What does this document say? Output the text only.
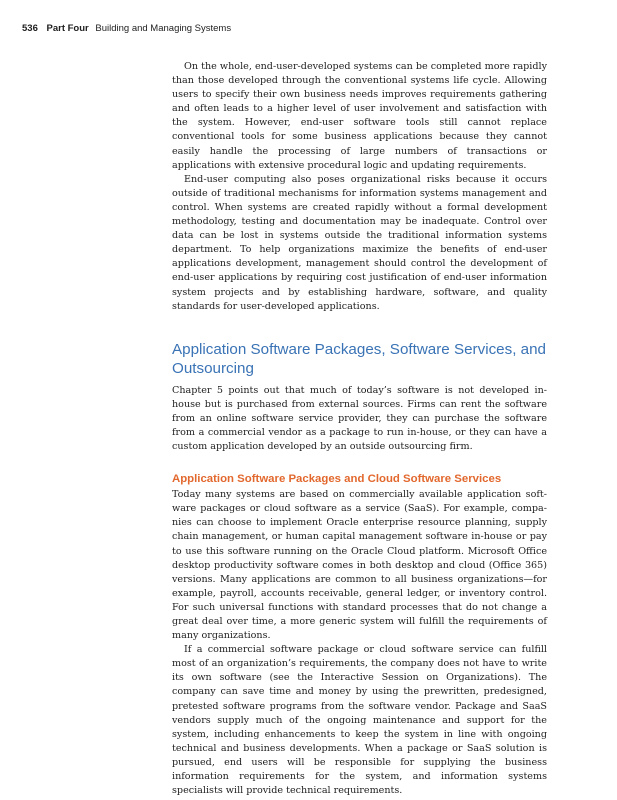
536 Part Four Building and Managing Systems

On the whole, end-user-developed systems can be completed more rapidly than those developed through the conventional systems life cycle. Allowing users to specify their own business needs improves requirements gathering and often leads to a higher level of user involvement and satisfaction with the system. However, end-user software tools still cannot replace conventional tools for some business applications because they cannot easily handle the processing of large numbers of transactions or applications with extensive procedural logic and updating requirements.

End-user computing also poses organizational risks because it occurs outside of traditional mechanisms for information systems management and control. When systems are created rapidly without a formal development methodology, testing and documentation may be inadequate. Control over data can be lost in systems outside the traditional information systems department. To help organizations maximize the benefits of end-user applications development, management should control the development of end-user applications by requiring cost justification of end-user information system projects and by establishing hardware, software, and quality standards for user-developed applications.

Application Software Packages, Software Services, and Outsourcing

Chapter 5 points out that much of today’s software is not developed in-house but is purchased from external sources. Firms can rent the software from an online software service provider, they can purchase the software from a commercial vendor as a package to run in-house, or they can have a custom application developed by an outside outsourcing firm.

Application Software Packages and Cloud Software Services

Today many systems are based on commercially available application software packages or cloud software as a service (SaaS). For example, companies can choose to implement Oracle enterprise resource planning, supply chain management, or human capital management software in-house or pay to use this software running on the Oracle Cloud platform. Microsoft Office desktop productivity software comes in both desktop and cloud (Office 365) versions. Many applications are common to all business organizations—for example, payroll, accounts receivable, general ledger, or inventory control. For such universal functions with standard processes that do not change a great deal over time, a more generic system will fulfill the requirements of many organizations.

If a commercial software package or cloud software service can fulfill most of an organization’s requirements, the company does not have to write its own software (see the Interactive Session on Organizations). The company can save time and money by using the prewritten, predesigned, pretested software programs from the software vendor. Package and SaaS vendors supply much of the ongoing maintenance and support for the system, including enhancements to keep the system in line with ongoing technical and business developments. When a package or SaaS solution is pursued, end users will be responsible for supplying the business information requirements for the system, and information systems specialists will provide technical requirements.
